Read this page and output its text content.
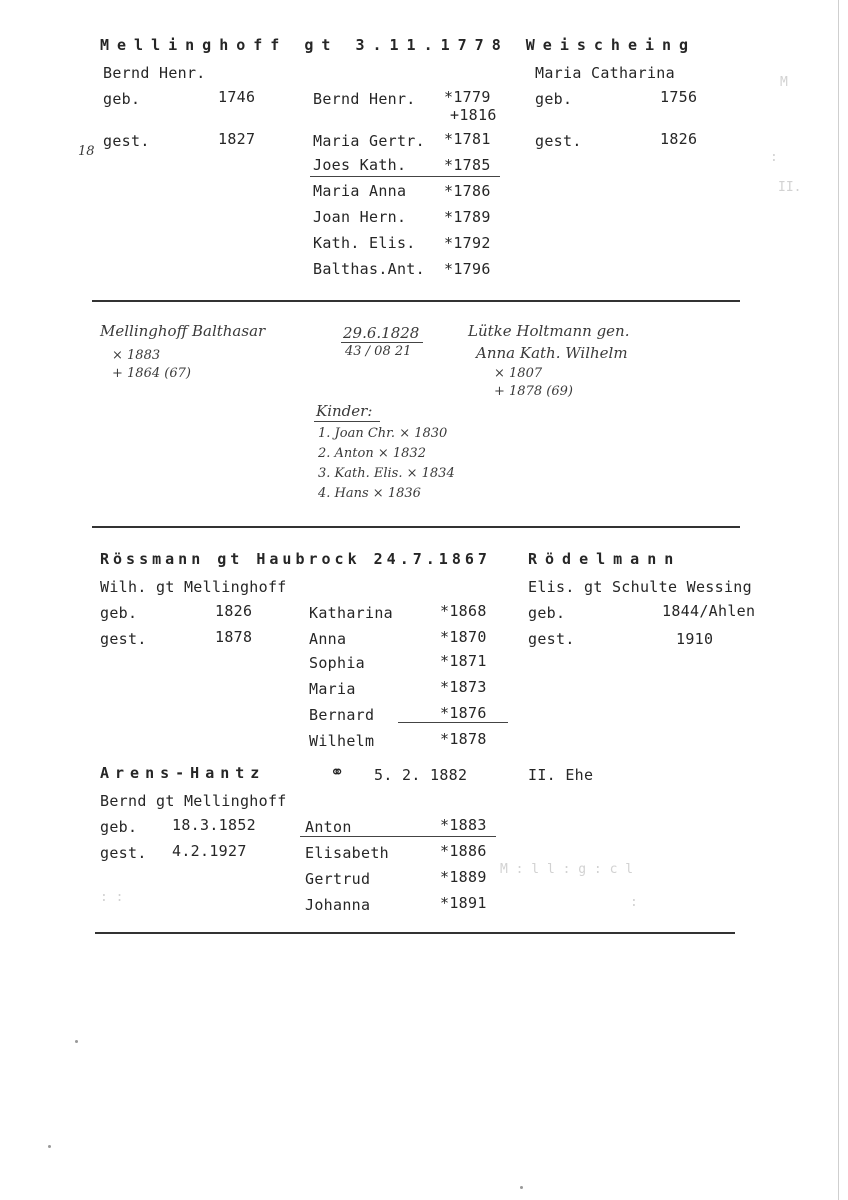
M
:
II.
M : l l : g : c l
:
: :
Mellinghoff gt 3.11.1778 Weischeing
Bernd Henr.
geb.	1746
gest.	1827
18
Maria Catharina
geb.	1756
gest.	1826
Bernd Henr. *1779
+1816
Maria Gertr. *1781
Joes Kath.	*1785
Maria Anna	*1786
Joan Hern.	*1789
Kath. Elis. *1792
Balthas.Ant. *1796
Mellinghoff Balthasar
× 1883
+ 1864 (67)
29.6.1828
43 / 08 21
Lütke Holtmann gen.
Anna Kath. Wilhelm
× 1807
+ 1878 (69)
Kinder:
1. Joan Chr. × 1830
2. Anton × 1832
3. Kath. Elis. × 1834
4. Hans × 1836
Rössmann gt Haubrock 24.7.1867 Rödelmann
Wilh. gt Mellinghoff
geb.	1826
gest.	1878
Elis. gt Schulte Wessing
geb.	1844/Ahlen
gest.	1910
Katharina	*1868
Anna	*1870
Sophia	*1871
Maria	*1873
Bernard	*1876
Wilhelm	*1878
Arens-Hantz	⚭ 5. 2. 1882	II. Ehe
Bernd gt Mellinghoff
geb. 18.3.1852
gest. 4.2.1927
Anton	*1883
Elisabeth	*1886
Gertrud	*1889
Johanna	*1891
